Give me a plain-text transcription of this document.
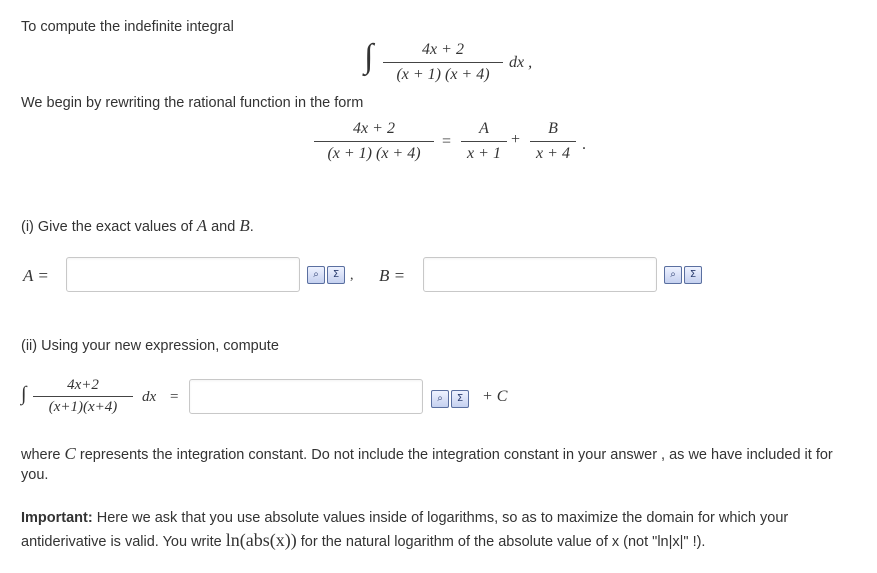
To compute the indefinite integral
∫	4x + 2
(x + 1) (x + 4)
dx ,
We begin by rewriting the rational function in the form
4x + 2
(x + 1) (x + 4)
=
A
x + 1
+
B
x + 4
.
(i) Give the exact values of A and B.
A =	⌕	Σ , B =	⌕	Σ
(ii) Using your new expression, compute
∫	4x+2
(x+1)(x+4)
dx =	⌕	Σ	+ C
where C represents the integration constant. Do not include the integration constant in your answer , as we have included it for
you.
Important: Here we ask that you use absolute values inside of logarithms, so as to maximize the domain for which your
antiderivative is valid. You write ln(abs(x)) for the natural logarithm of the absolute value of x (not "ln|x|" !).
